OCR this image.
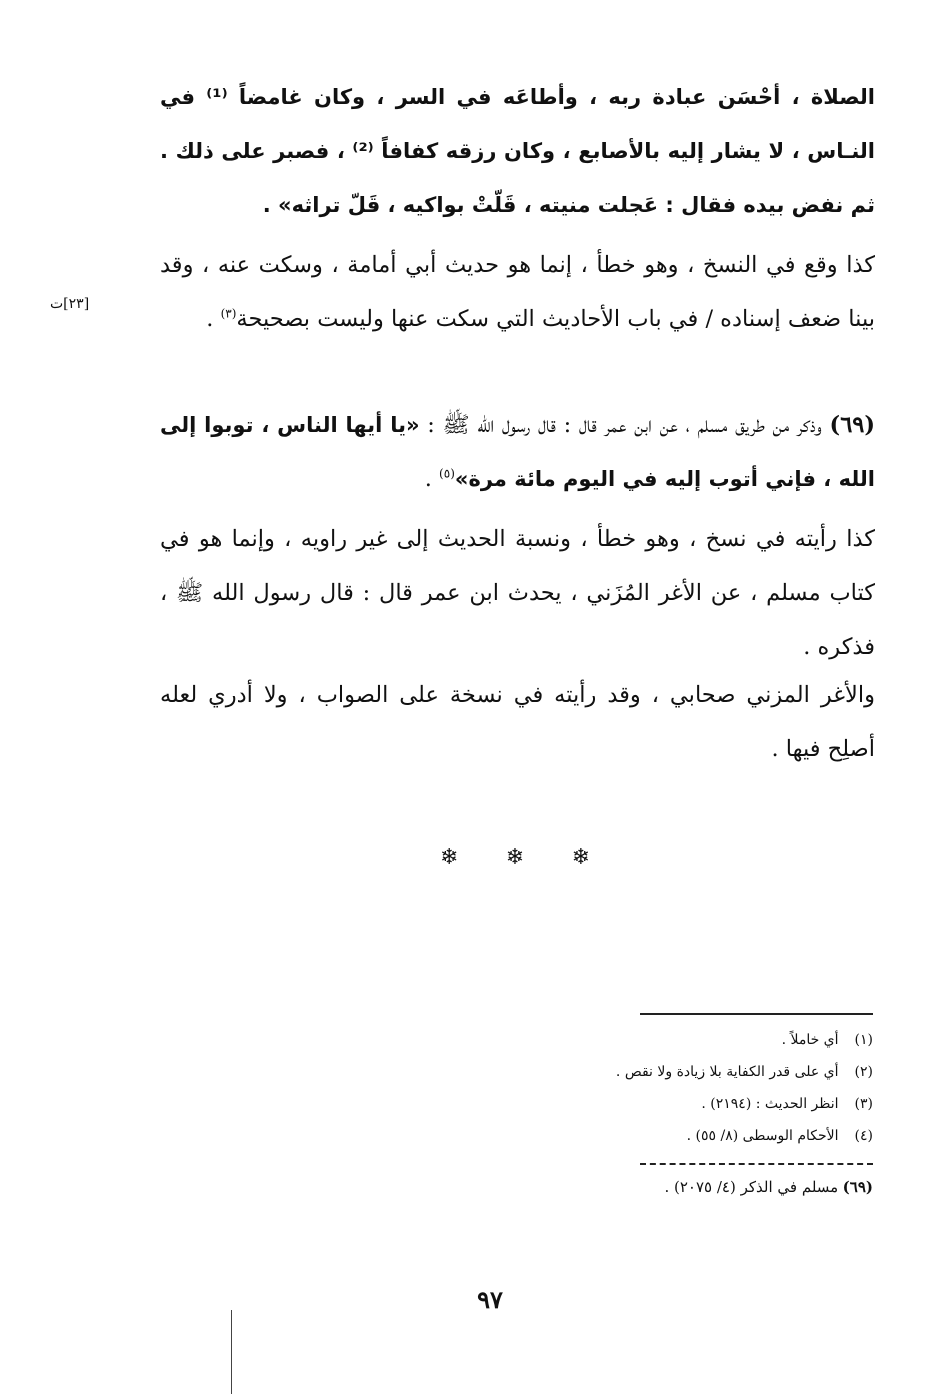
الصلاة ، أحْسَن عبادة ربه ، وأطاعَه في السر ، وكان غامضاً ⁽¹⁾ في النـاس ، لا يشار إليه بالأصابع ، وكان رزقه كفافاً ⁽²⁾ ، فصبر على ذلك . ثم نفض بيده فقال : عَجلت منيته ، قَلّتْ بواكيه ، قَلّ تراثه» .
كذا وقع في النسخ ، وهو خطأ ، إنما هو حديث أبي أمامة ، وسكت عنه ، وقد بينا ضعف إسناده / في باب الأحاديث التي سكت عنها وليست بصحيحة$^{(٣)}$ .
[٢٣]ت
(٦٩) وذكر من طريق مسلم ، عن ابن عمر قال : قال رسول الله ﷺ : «يا أيها الناس ، توبوا إلى الله ، فإني أتوب إليه في اليوم مائة مرة»$^{(٥)}$ .
كذا رأيته في نسخ ، وهو خطأ ، ونسبة الحديث إلى غير راويه ، وإنما هو في كتاب مسلم ، عن الأغر المُزَني ، يحدث ابن عمر قال : قال رسول الله ﷺ ، فذكره .
والأغر المزني صحابي ، وقد رأيته في نسخة على الصواب ، ولا أدري لعله أصلِح فيها .
❄
❄
❄
(١) أي خاملاً .
(٢) أي على قدر الكفاية بلا زيادة ولا نقص .
(٣) انظر الحديث : (٢١٩٤) .
(٤) الأحكام الوسطى (٨/ ٥٥) .
(٦٩) مسلم في الذكر (٤/ ٢٠٧٥) .
٩٧
